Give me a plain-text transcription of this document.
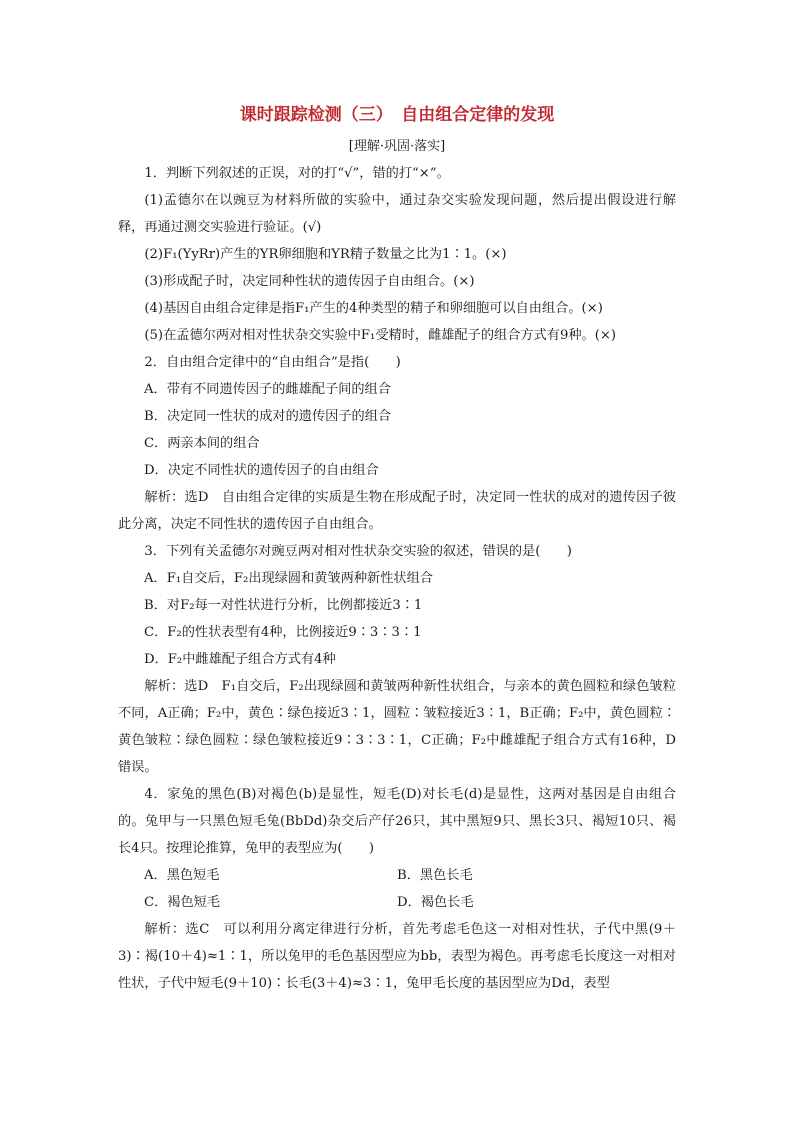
课时跟踪检测（三）　自由组合定律的发现
[理解·巩固·落实]

1．判断下列叙述的正误，对的打“√”，错的打“×”。

(1)孟德尔在以豌豆为材料所做的实验中，通过杂交实验发现问题，然后提出假设进行解释，再通过测交实验进行验证。(√)

(2)F₁(YyRr)产生的YR卵细胞和YR精子数量之比为1∶1。(×)

(3)形成配子时，决定同种性状的遗传因子自由组合。(×)

(4)基因自由组合定律是指F₁产生的4种类型的精子和卵细胞可以自由组合。(×)

(5)在孟德尔两对相对性状杂交实验中F₁受精时，雌雄配子的组合方式有9种。(×)

2．自由组合定律中的“自由组合”是指(　　)

A．带有不同遗传因子的雌雄配子间的组合

B．决定同一性状的成对的遗传因子的组合

C．两亲本间的组合

D．决定不同性状的遗传因子的自由组合

解析：选D　自由组合定律的实质是生物在形成配子时，决定同一性状的成对的遗传因子彼此分离，决定不同性状的遗传因子自由组合。

3．下列有关孟德尔对豌豆两对相对性状杂交实验的叙述，错误的是(　　)

A．F₁自交后，F₂出现绿圆和黄皱两种新性状组合

B．对F₂每一对性状进行分析，比例都接近3∶1

C．F₂的性状表型有4种，比例接近9∶3∶3∶1

D．F₂中雌雄配子组合方式有4种

解析：选D　F₁自交后，F₂出现绿圆和黄皱两种新性状组合，与亲本的黄色圆粒和绿色皱粒不同，A正确；F₂中，黄色∶绿色接近3∶1，圆粒∶皱粒接近3∶1，B正确；F₂中，黄色圆粒∶黄色皱粒∶绿色圆粒∶绿色皱粒接近9∶3∶3∶1，C正确；F₂中雌雄配子组合方式有16种，D错误。

4．家兔的黑色(B)对褐色(b)是显性，短毛(D)对长毛(d)是显性，这两对基因是自由组合的。兔甲与一只黑色短毛兔(BbDd)杂交后产仔26只，其中黑短9只、黑长3只、褐短10只、褐长4只。按理论推算，兔甲的表型应为(　　)

A．黑色短毛	B．黑色长毛
C．褐色短毛	D．褐色长毛

解析：选C　可以利用分离定律进行分析，首先考虑毛色这一对相对性状，子代中黑(9＋3)∶褐(10＋4)≈1∶1，所以兔甲的毛色基因型应为bb，表型为褐色。再考虑毛长度这一对相对性状，子代中短毛(9＋10)∶长毛(3＋4)≈3∶1，兔甲毛长度的基因型应为Dd，表型
